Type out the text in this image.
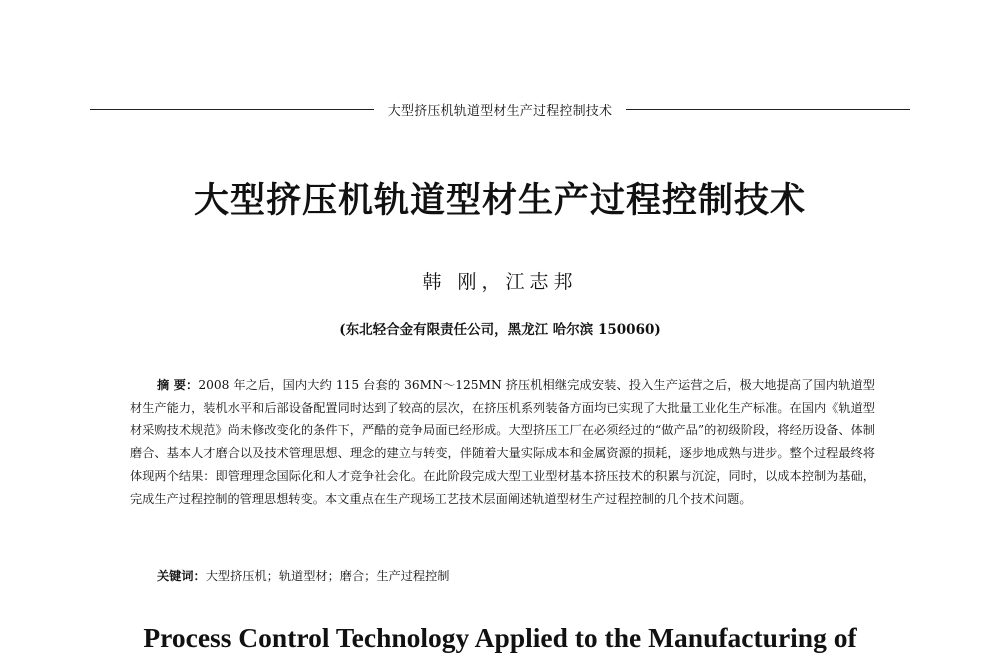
大型挤压机轨道型材生产过程控制技术
大型挤压机轨道型材生产过程控制技术
韩 刚，江志邦
(东北轻合金有限责任公司，黑龙江 哈尔滨 150060)

摘 要：2008 年之后，国内大约 115 台套的 36MN～125MN 挤压机相继完成安装、投入生产运营之后，极大地提高了国内轨道型材生产能力，装机水平和后部设备配置同时达到了较高的层次，在挤压机系列装备方面均已实现了大批量工业化生产标准。在国内《轨道型材采购技术规范》尚未修改变化的条件下，严酷的竞争局面已经形成。大型挤压工厂在必须经过的“做产品”的初级阶段，将经历设备、体制磨合、基本人才磨合以及技术管理思想、理念的建立与转变，伴随着大量实际成本和金属资源的损耗，逐步地成熟与进步。整个过程最终将体现两个结果：即管理理念国际化和人才竞争社会化。在此阶段完成大型工业型材基本挤压技术的积累与沉淀，同时，以成本控制为基础，完成生产过程控制的管理思想转变。本文重点在生产现场工艺技术层面阐述轨道型材生产过程控制的几个技术问题。

关键词：大型挤压机；轨道型材；磨合；生产过程控制
Process Control Technology Applied to the Manufacturing of
